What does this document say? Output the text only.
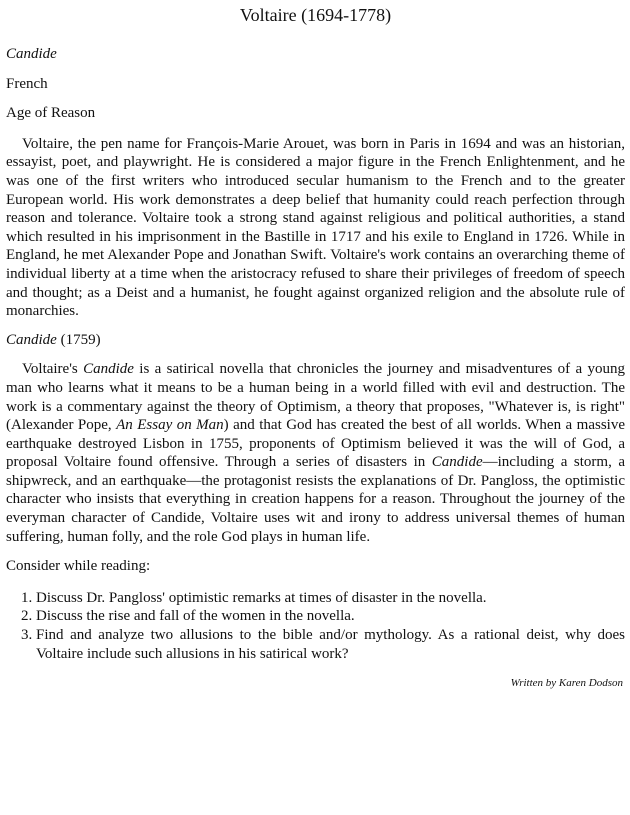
Voltaire (1694-1778)

Candide

French

Age of Reason

Voltaire, the pen name for François-Marie Arouet, was born in Paris in 1694 and was an historian, essayist, poet, and playwright. He is considered a major figure in the French Enlightenment, and he was one of the first writers who introduced secular humanism to the French and to the greater European world. His work demonstrates a deep belief that humanity could reach perfection through reason and tolerance. Voltaire took a strong stand against religious and political authorities, a stand which resulted in his imprisonment in the Bastille in 1717 and his exile to England in 1726. While in England, he met Alexander Pope and Jonathan Swift. Voltaire's work contains an overarching theme of individual liberty at a time when the aristocracy refused to share their privileges of freedom of speech and thought; as a Deist and a humanist, he fought against organized religion and the absolute rule of monarchies.

Candide (1759)

Voltaire's Candide is a satirical novella that chronicles the journey and misadventures of a young man who learns what it means to be a human being in a world filled with evil and destruction. The work is a commentary against the theory of Optimism, a theory that proposes, "Whatever is, is right" (Alexander Pope, An Essay on Man) and that God has created the best of all worlds. When a massive earthquake destroyed Lisbon in 1755, proponents of Optimism believed it was the will of God, a proposal Voltaire found offensive. Through a series of disasters in Candide—including a storm, a shipwreck, and an earthquake—the protagonist resists the explanations of Dr. Pangloss, the optimistic character who insists that everything in creation happens for a reason. Throughout the journey of the everyman character of Candide, Voltaire uses wit and irony to address universal themes of human suffering, human folly, and the role God plays in human life.

Consider while reading:

1. Discuss Dr. Pangloss' optimistic remarks at times of disaster in the novella.
2. Discuss the rise and fall of the women in the novella.
3. Find and analyze two allusions to the bible and/or mythology. As a rational deist, why does Voltaire include such allusions in his satirical work?

Written by Karen Dodson
